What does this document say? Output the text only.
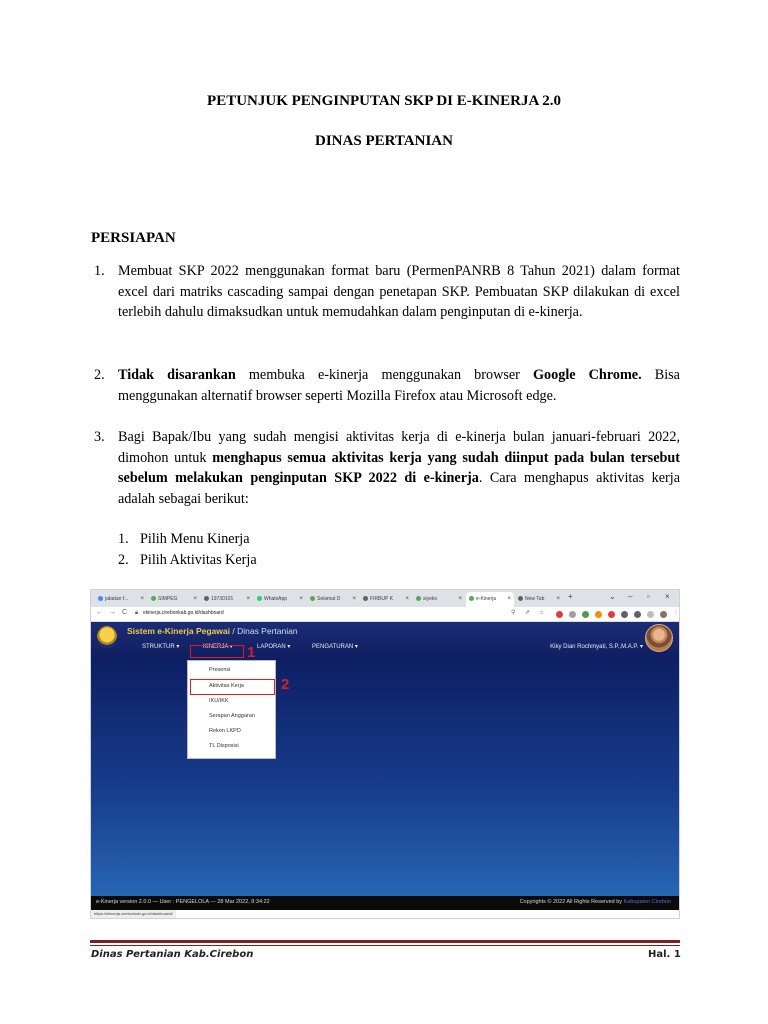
PETUNJUK PENGINPUTAN SKP DI E-KINERJA 2.0
DINAS PERTANIAN
PERSIAPAN
1. Membuat SKP 2022 menggunakan format baru (PermenPANRB 8 Tahun 2021) dalam format excel dari matriks cascading sampai dengan penetapan SKP. Pembuatan SKP dilakukan di excel terlebih dahulu dimaksudkan untuk memudahkan dalam penginputan di e-kinerja.
2. Tidak disarankan membuka e-kinerja menggunakan browser Google Chrome. Bisa menggunakan alternatif browser seperti Mozilla Firefox atau Microsoft edge.
3. Bagi Bapak/Ibu yang sudah mengisi aktivitas kerja di e-kinerja bulan januari-februari 2022, dimohon untuk menghapus semua aktivitas kerja yang sudah diinput pada bulan tersebut sebelum melakukan penginputan SKP 2022 di e-kinerja. Cara menghapus aktivitas kerja adalah sebagai berikut:
1. Pilih Menu Kinerja
2. Pilih Aktivitas Kerja
jabatan f... ×	SIMPEG	×	19730101 ×	WhatsApp ×	Selamat D ×	FIRBUP K ×	siyeko	×	e-Kinerja ×	New Tab × +	⌄ – ▫ ×
← → C 🔒︎ ekinerja.cirebonkab.go.id/dashboard	⚲ ⇗ ☆	⋮
Sistem e-Kinerja Pegawai / Dinas Pertanian
STRUKTUR ▾	KINERJA ▾	LAPORAN ▾	PENGATURAN ▾	Kiky Dian Rochmyati, S.P.,M.A.P. ▾
Presensi
Aktivitas Kerja
IKU/IKK
Serapan Anggaran
Rekon LKPD
TL Disposisi
1
2
e-Kinerja version 2.0.0 — User : PENGELOLA — 28 Mar 2022, 8:34:22	Copyrights © 2022 All Rights Reserved by Kabupaten Cirebon
https://ekinerja.cirebonkab.go.id/dashboard#
Dinas Pertanian Kab.Cirebon	Hal. 1
